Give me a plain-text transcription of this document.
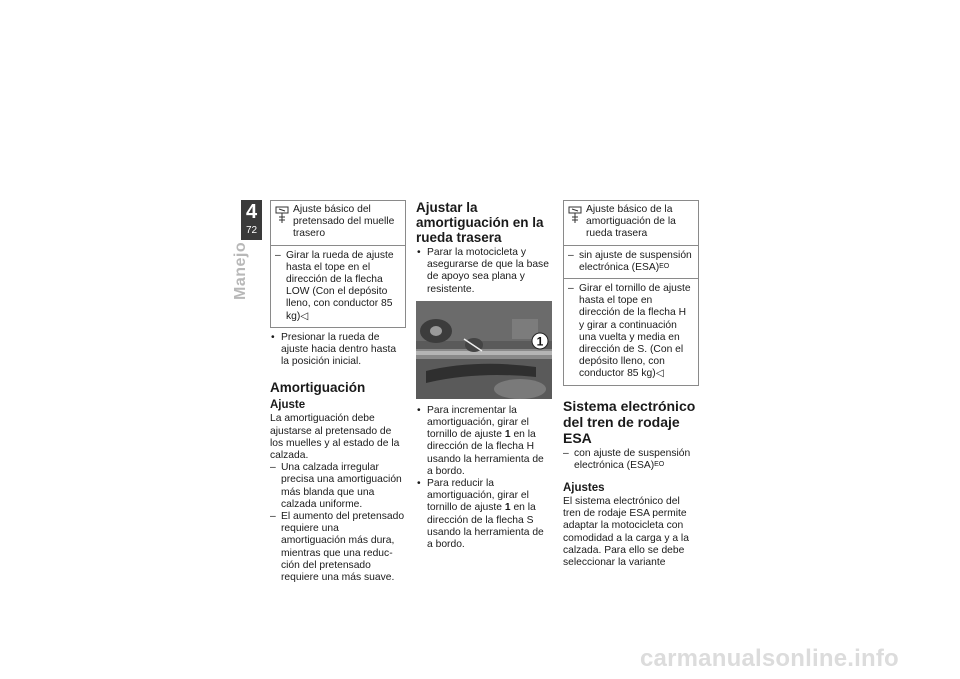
4
72
Manejo

Ajuste básico del pretensado del muelle trasero

– Girar la rueda de ajuste hasta el tope en el dirección de la flecha LOW (Con el depósito lleno, con conductor 85 kg)◁

• Presionar la rueda de ajuste hacia dentro hasta la posición inicial.

Amortiguación
Ajuste

La amortiguación debe ajustarse al pretensado de los muelles y al estado de la calzada.

– Una calzada irregular precisa una amortiguación más blanda que una calzada uniforme.

– El aumento del pretensado requiere una amortiguación más dura, mientras que una reducción del pretensado requiere una más suave.

Ajustar la amortiguación en la rueda trasera

• Parar la motocicleta y asegurarse de que la base de apoyo sea plana y resistente.

1

• Para incrementar la amortiguación, girar el tornillo de ajuste 1 en la dirección de la flecha H usando la herramienta de a bordo.

• Para reducir la amortiguación, girar el tornillo de ajuste 1 en la dirección de la flecha S usando la herramienta de a bordo.

Ajuste básico de la amortiguación de la rueda trasera

– sin ajuste de suspensión electrónica (ESA)$^{EO}$

– Girar el tornillo de ajuste hasta el tope en dirección de la flecha H y girar a continuación una vuelta y media en dirección de S. (Con el depósito lleno, con conductor 85 kg)◁

Sistema electrónico del tren de rodaje ESA

– con ajuste de suspensión electrónica (ESA)$^{EO}$

Ajustes

El sistema electrónico del tren de rodaje ESA permite adaptar la motocicleta con comodidad a la carga y a la calzada. Para ello se debe seleccionar la variante

carmanualsonline.info
